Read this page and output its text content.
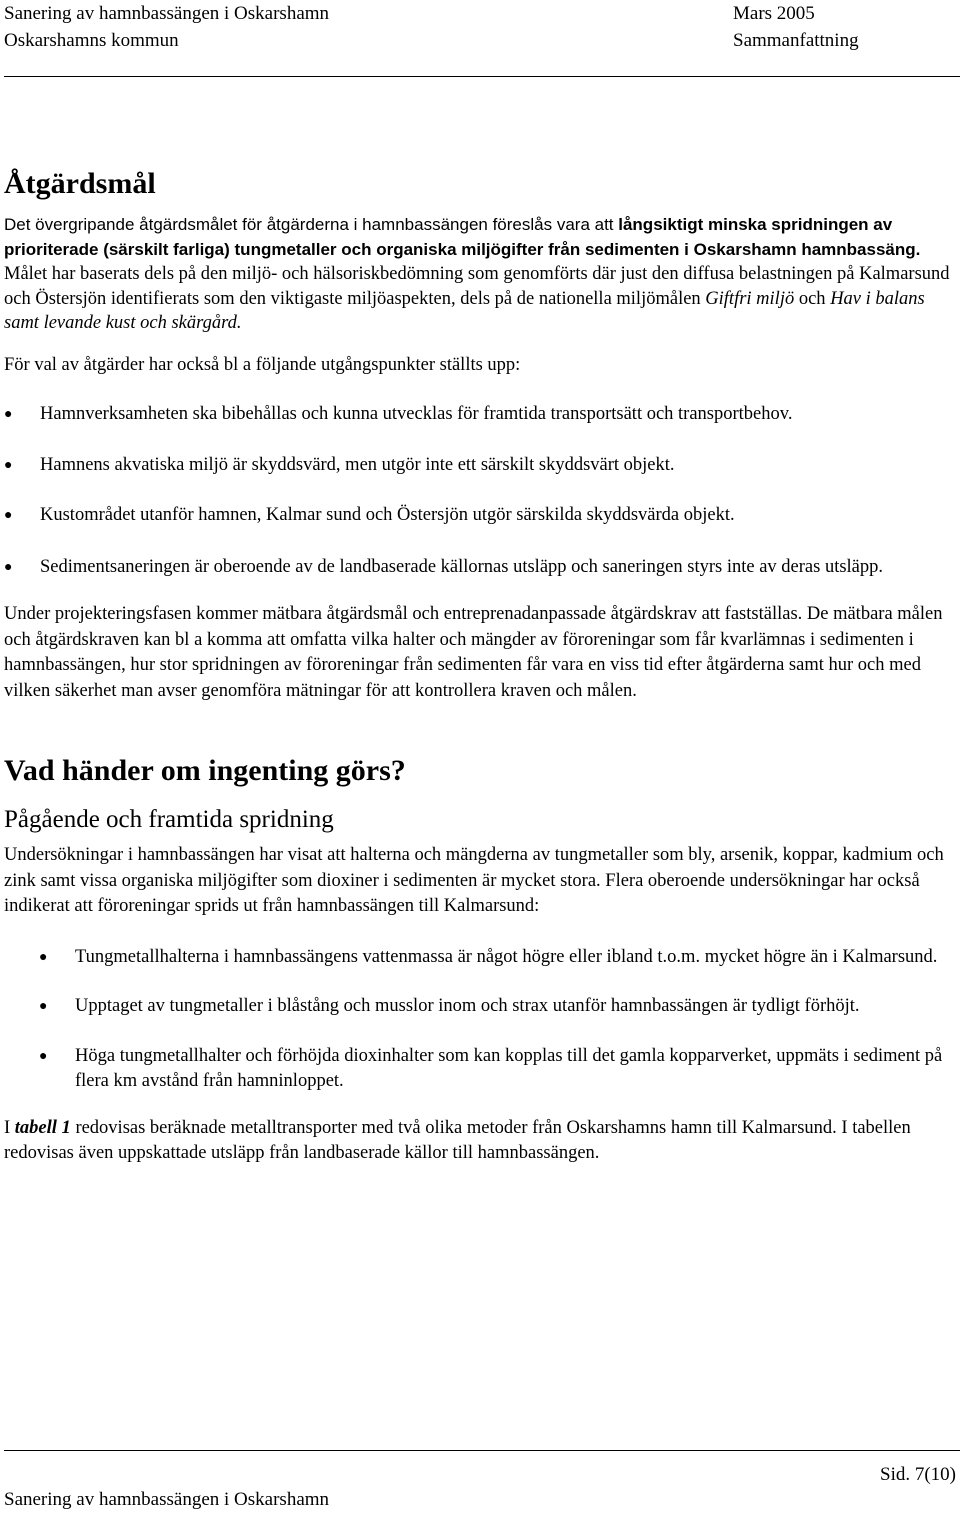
Sanering av hamnbassängen i Oskarshamn
Oskarshamns kommun
Mars 2005
Sammanfattning
Åtgärdsmål

Det övergripande åtgärdsmålet för åtgärderna i hamnbassängen föreslås vara att långsiktigt minska spridningen av prioriterade (särskilt farliga) tungmetaller och organiska miljögifter från sedimenten i Oskarshamn hamnbassäng. Målet har baserats dels på den miljö- och hälsoriskbedömning som genomförts där just den diffusa belastningen på Kalmarsund och Östersjön identifierats som den viktigaste miljöaspekten, dels på de nationella miljömålen Giftfri miljö och Hav i balans samt levande kust och skärgård.

För val av åtgärder har också bl a följande utgångspunkter ställts upp:

● Hamnverksamheten ska bibehållas och kunna utvecklas för framtida transportsätt och transportbehov.
● Hamnens akvatiska miljö är skyddsvärd, men utgör inte ett särskilt skyddsvärt objekt.
● Kustområdet utanför hamnen, Kalmar sund och Östersjön utgör särskilda skyddsvärda objekt.
● Sedimentsaneringen är oberoende av de landbaserade källornas utsläpp och saneringen styrs inte av deras utsläpp.

Under projekteringsfasen kommer mätbara åtgärdsmål och entreprenadanpassade åtgärdskrav att fastställas. De mätbara målen och åtgärdskraven kan bl a komma att omfatta vilka halter och mängder av föroreningar som får kvarlämnas i sedimenten i hamnbassängen, hur stor spridningen av föroreningar från sedimenten får vara en viss tid efter åtgärderna samt hur och med vilken säkerhet man avser genomföra mätningar för att kontrollera kraven och målen.

Vad händer om ingenting görs?
Pågående och framtida spridning

Undersökningar i hamnbassängen har visat att halterna och mängderna av tungmetaller som bly, arsenik, koppar, kadmium och zink samt vissa organiska miljögifter som dioxiner i sedimenten är mycket stora. Flera oberoende undersökningar har också indikerat att föroreningar sprids ut från hamnbassängen till Kalmarsund:

● Tungmetallhalterna i hamnbassängens vattenmassa är något högre eller ibland t.o.m. mycket högre än i Kalmarsund.
● Upptaget av tungmetaller i blåstång och musslor inom och strax utanför hamnbassängen är tydligt förhöjt.
● Höga tungmetallhalter och förhöjda dioxinhalter som kan kopplas till det gamla kopparverket, uppmäts i sediment på flera km avstånd från hamninloppet.

I tabell 1 redovisas beräknade metalltransporter med två olika metoder från Oskarshamns hamn till Kalmarsund. I tabellen redovisas även uppskattade utsläpp från landbaserade källor till hamnbassängen.

Sid. 7(10)
Sanering av hamnbassängen i Oskarshamn
